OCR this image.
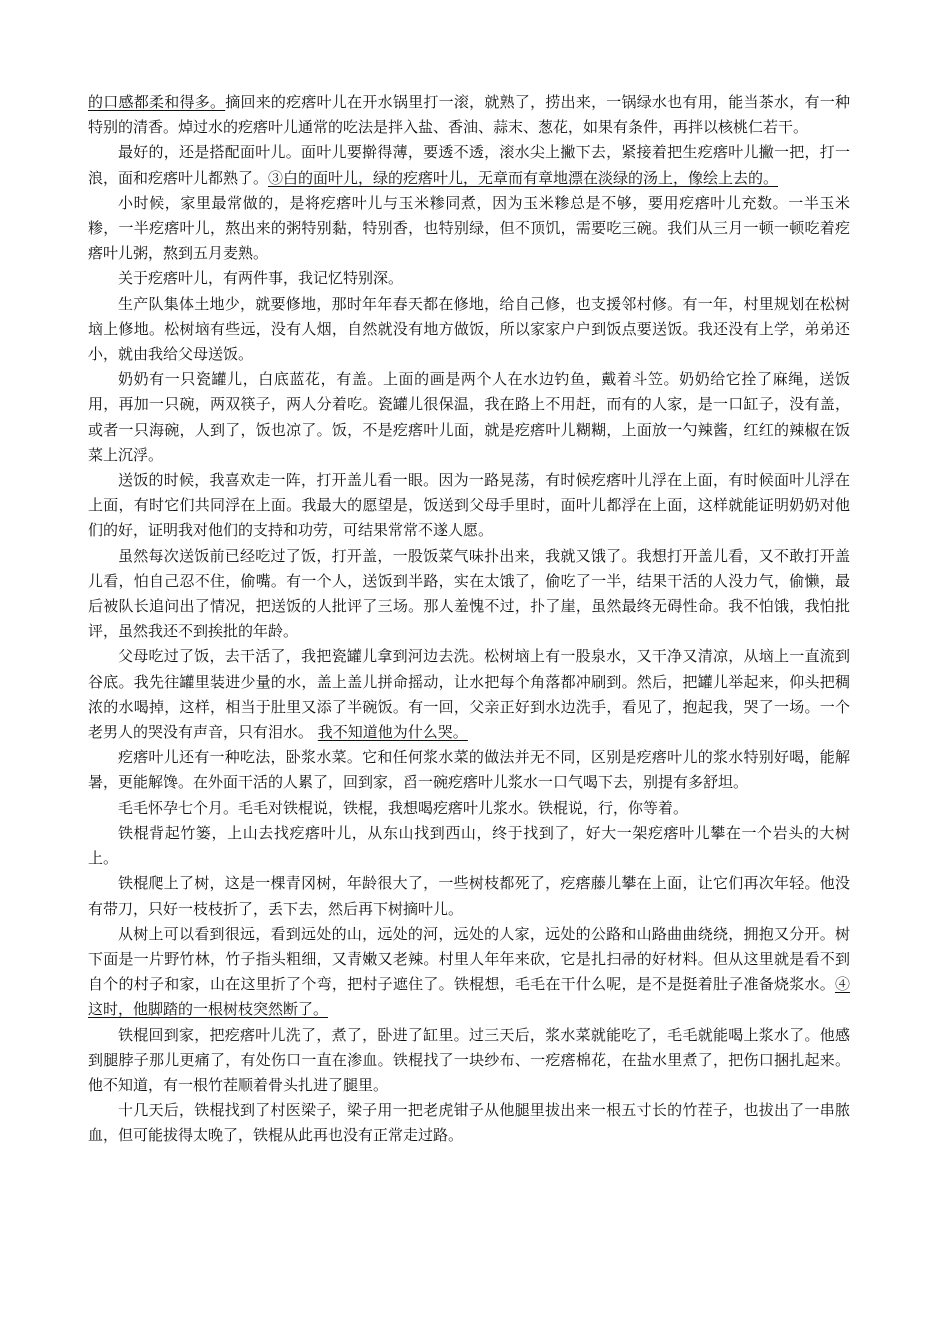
的口感都柔和得多。摘回来的疙瘩叶儿在开水锅里打一滚，就熟了，捞出来，一锅绿水也有用，能当茶水，有一种特别的清香。焯过水的疙瘩叶儿通常的吃法是拌入盐、香油、蒜末、葱花，如果有条件，再拌以核桃仁若干。

最好的，还是搭配面叶儿。面叶儿要擀得薄，要透不透，滚水尖上撇下去，紧接着把生疙瘩叶儿撇一把，打一浪，面和疙瘩叶儿都熟了。③白的面叶儿，绿的疙瘩叶儿，无章而有章地漂在淡绿的汤上，像绘上去的。

小时候，家里最常做的，是将疙瘩叶儿与玉米糁同煮，因为玉米糁总是不够，要用疙瘩叶儿充数。一半玉米糁，一半疙瘩叶儿，熬出来的粥特别黏，特别香，也特别绿，但不顶饥，需要吃三碗。我们从三月一顿一顿吃着疙瘩叶儿粥，熬到五月麦熟。

关于疙瘩叶儿，有两件事，我记忆特别深。

生产队集体土地少，就要修地，那时年年春天都在修地，给自己修，也支援邻村修。有一年，村里规划在松树垴上修地。松树垴有些远，没有人烟，自然就没有地方做饭，所以家家户户到饭点要送饭。我还没有上学，弟弟还小，就由我给父母送饭。

奶奶有一只瓷罐儿，白底蓝花，有盖。上面的画是两个人在水边钓鱼，戴着斗笠。奶奶给它拴了麻绳，送饭用，再加一只碗，两双筷子，两人分着吃。瓷罐儿很保温，我在路上不用赶，而有的人家，是一口缸子，没有盖，或者一只海碗，人到了，饭也凉了。饭，不是疙瘩叶儿面，就是疙瘩叶儿糊糊，上面放一勺辣酱，红红的辣椒在饭菜上沉浮。

送饭的时候，我喜欢走一阵，打开盖儿看一眼。因为一路晃荡，有时候疙瘩叶儿浮在上面，有时候面叶儿浮在上面，有时它们共同浮在上面。我最大的愿望是，饭送到父母手里时，面叶儿都浮在上面，这样就能证明奶奶对他们的好，证明我对他们的支持和功劳，可结果常常不遂人愿。

虽然每次送饭前已经吃过了饭，打开盖，一股饭菜气味扑出来，我就又饿了。我想打开盖儿看，又不敢打开盖儿看，怕自己忍不住，偷嘴。有一个人，送饭到半路，实在太饿了，偷吃了一半，结果干活的人没力气，偷懒，最后被队长追问出了情况，把送饭的人批评了三场。那人羞愧不过，扑了崖，虽然最终无碍性命。我不怕饿，我怕批评，虽然我还不到挨批的年龄。

父母吃过了饭，去干活了，我把瓷罐儿拿到河边去洗。松树垴上有一股泉水，又干净又清凉，从垴上一直流到谷底。我先往罐里装进少量的水，盖上盖儿拼命摇动，让水把每个角落都冲刷到。然后，把罐儿举起来，仰头把稠浓的水喝掉，这样，相当于肚里又添了半碗饭。有一回，父亲正好到水边洗手，看见了，抱起我，哭了一场。一个老男人的哭没有声音，只有泪水。 我不知道他为什么哭。

疙瘩叶儿还有一种吃法，卧浆水菜。它和任何浆水菜的做法并无不同，区别是疙瘩叶儿的浆水特别好喝，能解暑，更能解馋。在外面干活的人累了，回到家，舀一碗疙瘩叶儿浆水一口气喝下去，别提有多舒坦。

毛毛怀孕七个月。毛毛对铁棍说，铁棍，我想喝疙瘩叶儿浆水。铁棍说，行，你等着。

铁棍背起竹篓，上山去找疙瘩叶儿，从东山找到西山，终于找到了，好大一架疙瘩叶儿攀在一个岩头的大树上。

铁棍爬上了树，这是一棵青冈树，年龄很大了，一些树枝都死了，疙瘩藤儿攀在上面，让它们再次年轻。他没有带刀，只好一枝枝折了，丢下去，然后再下树摘叶儿。

从树上可以看到很远，看到远处的山，远处的河，远处的人家，远处的公路和山路曲曲绕绕，拥抱又分开。树下面是一片野竹林，竹子指头粗细，又青嫩又老辣。村里人年年来砍，它是扎扫帚的好材料。但从这里就是看不到自个的村子和家，山在这里折了个弯，把村子遮住了。铁棍想，毛毛在干什么呢，是不是挺着肚子准备烧浆水。④这时，他脚踏的一根树枝突然断了。

铁棍回到家，把疙瘩叶儿洗了，煮了，卧进了缸里。过三天后，浆水菜就能吃了，毛毛就能喝上浆水了。他感到腿脖子那儿更痛了，有处伤口一直在渗血。铁棍找了一块纱布、一疙瘩棉花，在盐水里煮了，把伤口捆扎起来。他不知道，有一根竹茬顺着骨头扎进了腿里。

十几天后，铁棍找到了村医梁子，梁子用一把老虎钳子从他腿里拔出来一根五寸长的竹茬子，也拔出了一串脓血，但可能拔得太晚了，铁棍从此再也没有正常走过路。
